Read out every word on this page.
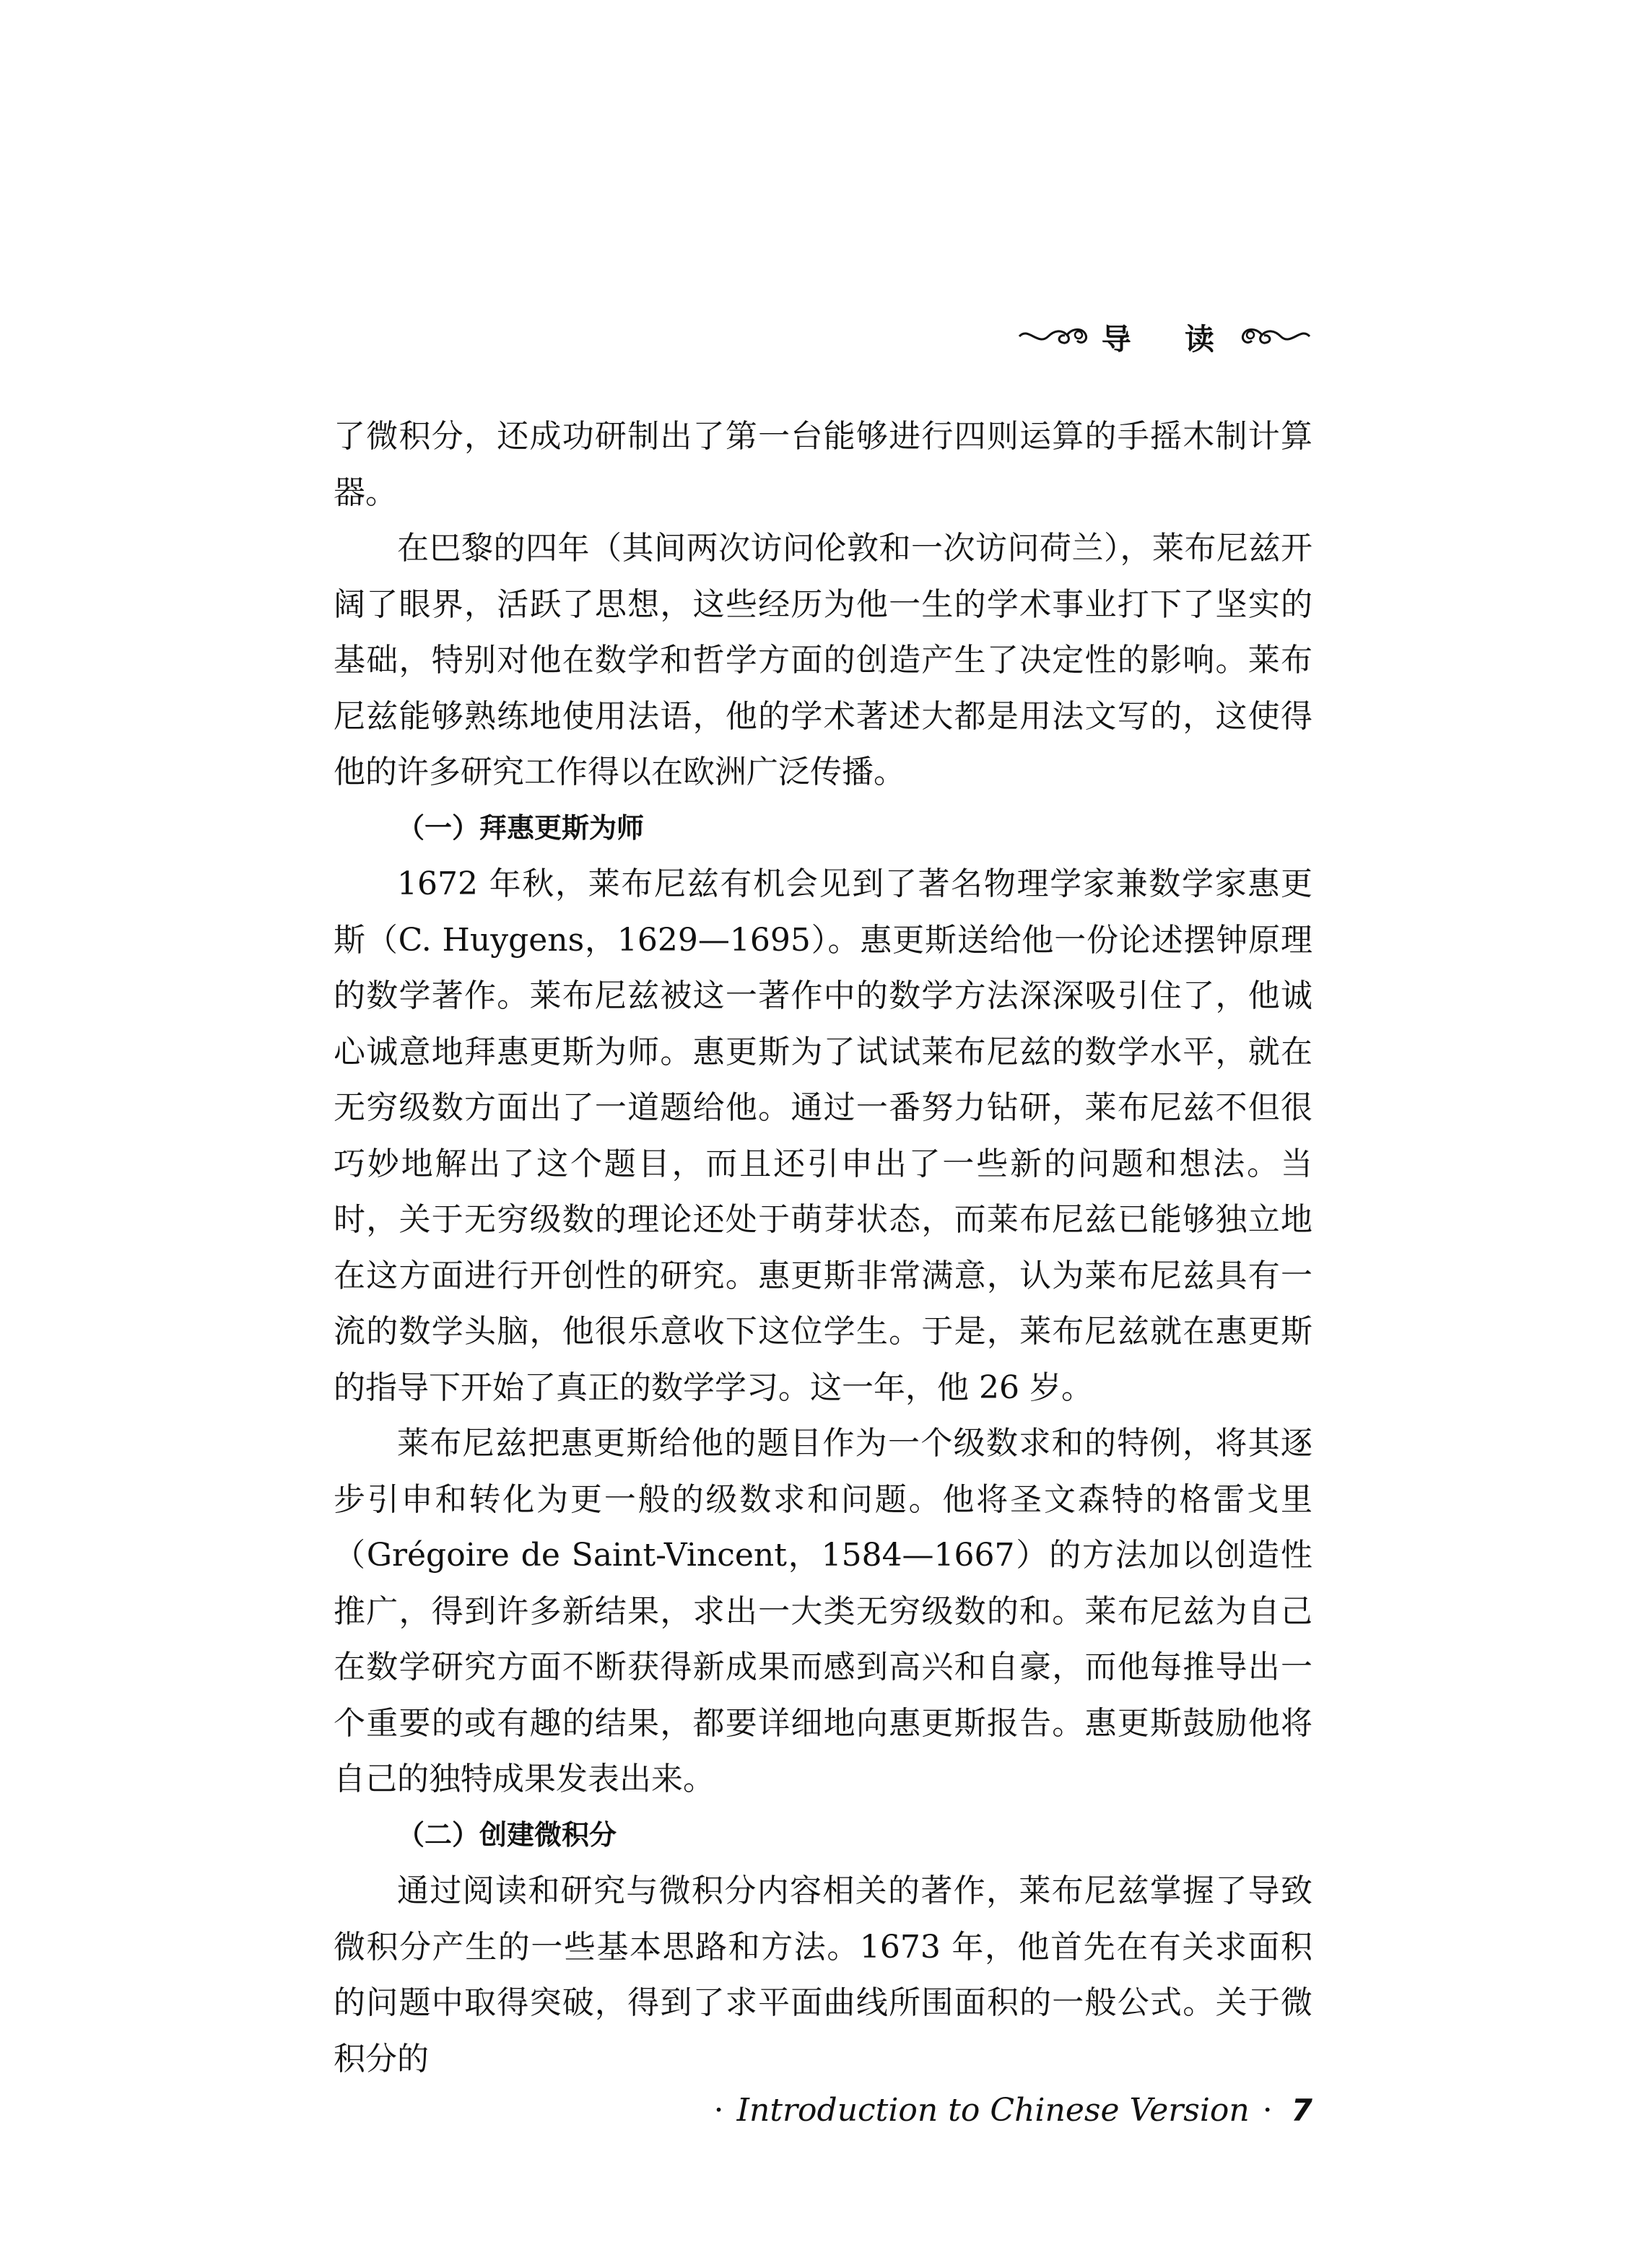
导 读

了微积分，还成功研制出了第一台能够进行四则运算的手摇木制计算器。

在巴黎的四年（其间两次访问伦敦和一次访问荷兰），莱布尼兹开阔了眼界，活跃了思想，这些经历为他一生的学术事业打下了坚实的基础，特别对他在数学和哲学方面的创造产生了决定性的影响。莱布尼兹能够熟练地使用法语，他的学术著述大都是用法文写的，这使得他的许多研究工作得以在欧洲广泛传播。

（一）拜惠更斯为师

1672 年秋，莱布尼兹有机会见到了著名物理学家兼数学家惠更斯（C. Huygens，1629—1695）。惠更斯送给他一份论述摆钟原理的数学著作。莱布尼兹被这一著作中的数学方法深深吸引住了，他诚心诚意地拜惠更斯为师。惠更斯为了试试莱布尼兹的数学水平，就在无穷级数方面出了一道题给他。通过一番努力钻研，莱布尼兹不但很巧妙地解出了这个题目，而且还引申出了一些新的问题和想法。当时，关于无穷级数的理论还处于萌芽状态，而莱布尼兹已能够独立地在这方面进行开创性的研究。惠更斯非常满意，认为莱布尼兹具有一流的数学头脑，他很乐意收下这位学生。于是，莱布尼兹就在惠更斯的指导下开始了真正的数学学习。这一年，他 26 岁。

莱布尼兹把惠更斯给他的题目作为一个级数求和的特例，将其逐步引申和转化为更一般的级数求和问题。他将圣文森特的格雷戈里（Grégoire de Saint-Vincent，1584—1667）的方法加以创造性推广，得到许多新结果，求出一大类无穷级数的和。莱布尼兹为自己在数学研究方面不断获得新成果而感到高兴和自豪，而他每推导出一个重要的或有趣的结果，都要详细地向惠更斯报告。惠更斯鼓励他将自己的独特成果发表出来。

（二）创建微积分

通过阅读和研究与微积分内容相关的著作，莱布尼兹掌握了导致微积分产生的一些基本思路和方法。1673 年，他首先在有关求面积的问题中取得突破，得到了求平面曲线所围面积的一般公式。关于微积分的

· Introduction to Chinese Version · 7
